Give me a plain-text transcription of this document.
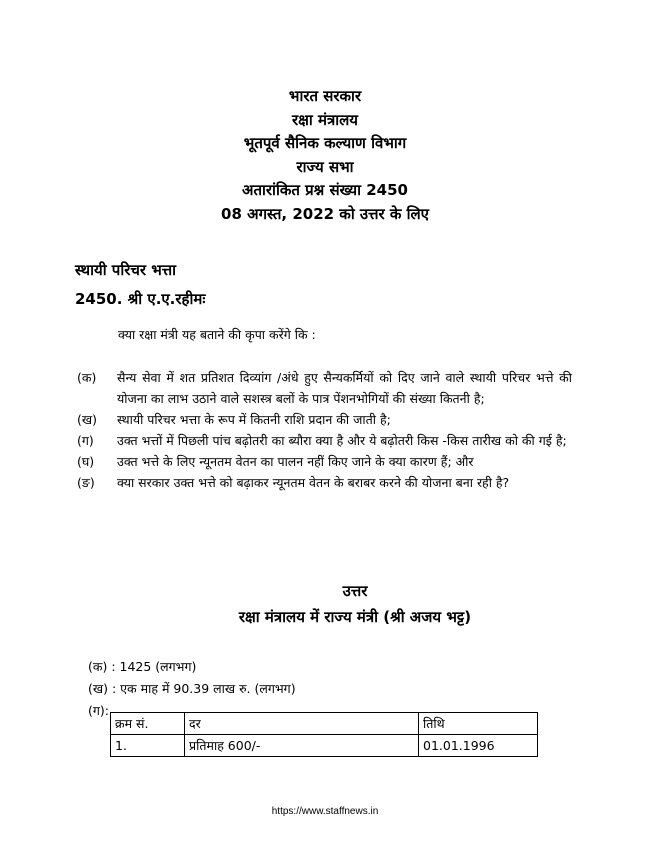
भारत सरकार
रक्षा मंत्रालय
भूतपूर्व सैनिक कल्याण विभाग
राज्य सभा
अतारांकित प्रश्न संख्या 2450
08 अगस्त, 2022 को उत्तर के लिए
स्थायी परिचर भत्ता
2450. श्री ए.ए.रहीमः
क्या रक्षा मंत्री यह बताने की कृपा करेंगे कि :
(क)	सैन्य सेवा में शत प्रतिशत दिव्यांग /अंधे हुए सैन्यकर्मियों को दिए जाने वाले स्थायी परिचर भत्ते की योजना का लाभ उठाने वाले सशस्त्र बलों के पात्र पेंशनभोगियों की संख्या कितनी है;
(ख)	स्थायी परिचर भत्ता के रूप में कितनी राशि प्रदान की जाती है;
(ग)	उक्त भत्तों में पिछली पांच बढ़ोतरी का ब्यौरा क्या है और ये बढ़ोतरी किस -किस तारीख को की गई है;
(घ)	उक्त भत्ते के लिए न्यूनतम वेतन का पालन नहीं किए जाने के क्या कारण हैं; और
(ङ)	क्या सरकार उक्त भत्ते को बढ़ाकर न्यूनतम वेतन के बराबर करने की योजना बना रही है?
उत्तर
रक्षा मंत्रालय में राज्य मंत्री (श्री अजय भट्ट)
(क) : 1425 (लगभग)
(ख) : एक माह में 90.39 लाख रु. (लगभग)
(ग):
क्रम सं.	दर	तिथि
1.	प्रतिमाह 600/-	01.01.1996
https://www.staffnews.in
